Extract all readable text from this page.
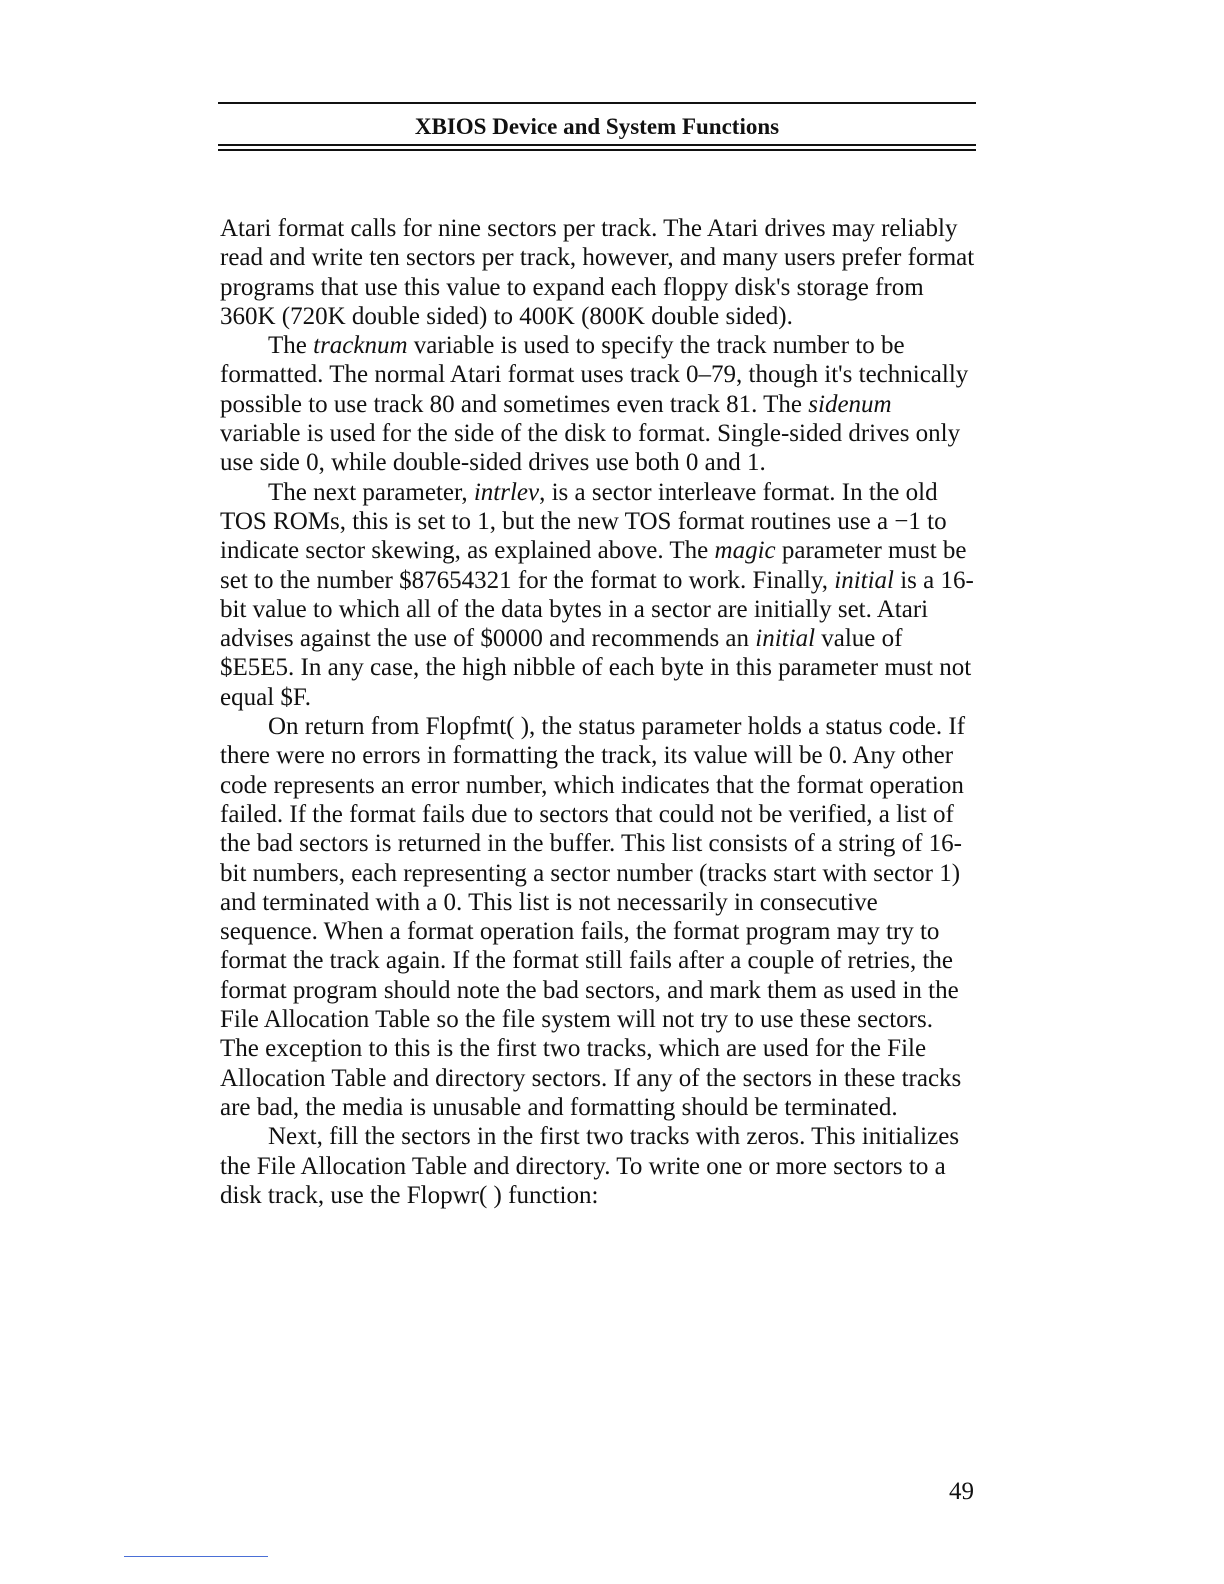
XBIOS Device and System Functions

Atari format calls for nine sectors per track. The Atari drives may reliably read and write ten sectors per track, however, and many users prefer format programs that use this value to expand each floppy disk's storage from 360K (720K double sided) to 400K (800K double sided).

The tracknum variable is used to specify the track number to be formatted. The normal Atari format uses track 0–79, though it's technically possible to use track 80 and sometimes even track 81. The sidenum variable is used for the side of the disk to format. Single-sided drives only use side 0, while double-sided drives use both 0 and 1.

The next parameter, intrlev, is a sector interleave format. In the old TOS ROMs, this is set to 1, but the new TOS format routines use a −1 to indicate sector skewing, as explained above. The magic parameter must be set to the number $87654321 for the format to work. Finally, initial is a 16-bit value to which all of the data bytes in a sector are initially set. Atari advises against the use of $0000 and recommends an initial value of $E5E5. In any case, the high nibble of each byte in this parameter must not equal $F.

On return from Flopfmt( ), the status parameter holds a status code. If there were no errors in formatting the track, its value will be 0. Any other code represents an error number, which indicates that the format operation failed. If the format fails due to sectors that could not be verified, a list of the bad sectors is returned in the buffer. This list consists of a string of 16-bit numbers, each representing a sector number (tracks start with sector 1) and terminated with a 0. This list is not necessarily in consecutive sequence. When a format operation fails, the format program may try to format the track again. If the format still fails after a couple of retries, the format program should note the bad sectors, and mark them as used in the File Allocation Table so the file system will not try to use these sectors. The exception to this is the first two tracks, which are used for the File Allocation Table and directory sectors. If any of the sectors in these tracks are bad, the media is unusable and formatting should be terminated.

Next, fill the sectors in the first two tracks with zeros. This initializes the File Allocation Table and directory. To write one or more sectors to a disk track, use the Flopwr( ) function:

49
